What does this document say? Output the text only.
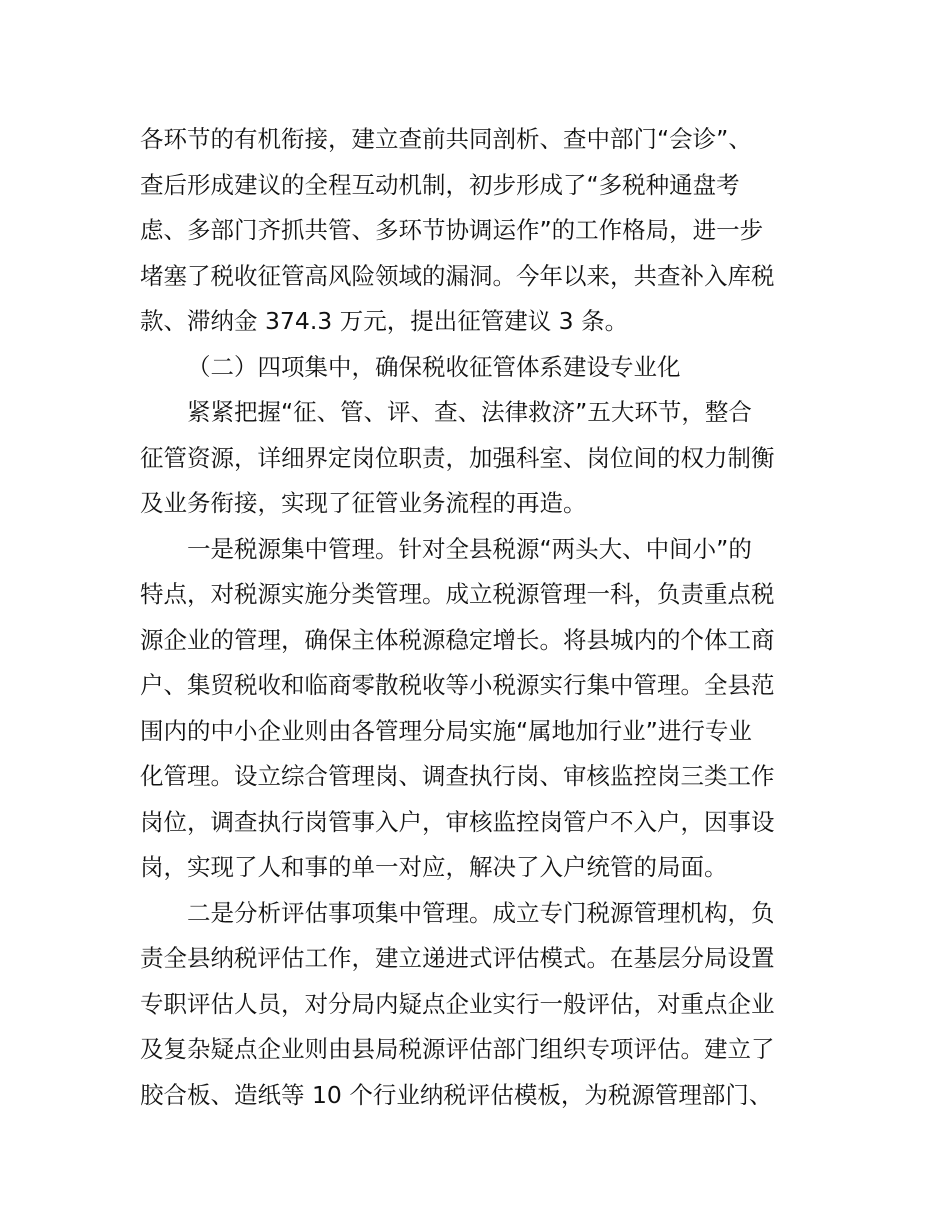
各环节的有机衔接，建立查前共同剖析、查中部门“会诊”、
查后形成建议的全程互动机制，初步形成了“多税种通盘考
虑、多部门齐抓共管、多环节协调运作”的工作格局，进一步
堵塞了税收征管高风险领域的漏洞。今年以来，共查补入库税
款、滞纳金 374.3 万元，提出征管建议 3 条。
（二）四项集中，确保税收征管体系建设专业化
紧紧把握“征、管、评、查、法律救济”五大环节，整合
征管资源，详细界定岗位职责，加强科室、岗位间的权力制衡
及业务衔接，实现了征管业务流程的再造。
一是税源集中管理。针对全县税源“两头大、中间小”的
特点，对税源实施分类管理。成立税源管理一科，负责重点税
源企业的管理，确保主体税源稳定增长。将县城内的个体工商
户、集贸税收和临商零散税收等小税源实行集中管理。全县范
围内的中小企业则由各管理分局实施“属地加行业”进行专业
化管理。设立综合管理岗、调查执行岗、审核监控岗三类工作
岗位，调查执行岗管事入户，审核监控岗管户不入户，因事设
岗，实现了人和事的单一对应，解决了入户统管的局面。
二是分析评估事项集中管理。成立专门税源管理机构，负
责全县纳税评估工作，建立递进式评估模式。在基层分局设置
专职评估人员，对分局内疑点企业实行一般评估，对重点企业
及复杂疑点企业则由县局税源评估部门组织专项评估。建立了
胶合板、造纸等 10 个行业纳税评估模板，为税源管理部门、
